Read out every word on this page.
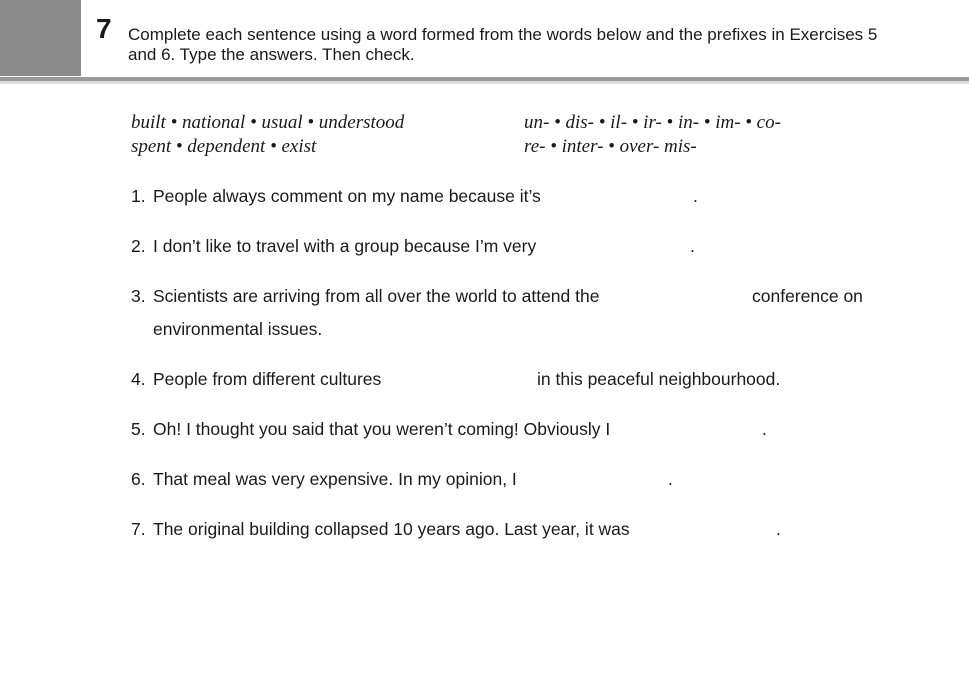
7 Complete each sentence using a word formed from the words below and the prefixes in Exercises 5
and 6. Type the answers. Then check.
built • national • usual • understood
spent • dependent • exist
un- • dis- • il- • ir- • in- • im- • co-
re- • inter- • over- mis-
1. People always comment on my name because it’s	.
2. I don’t like to travel with a group because I’m very	.
3. Scientists are arriving from all over the world to attend the	conference on
environmental issues.
4. People from different cultures	in this peaceful neighbourhood.
5. Oh! I thought you said that you weren’t coming! Obviously I	.
6. That meal was very expensive. In my opinion, I	.
7. The original building collapsed 10 years ago. Last year, it was	.
